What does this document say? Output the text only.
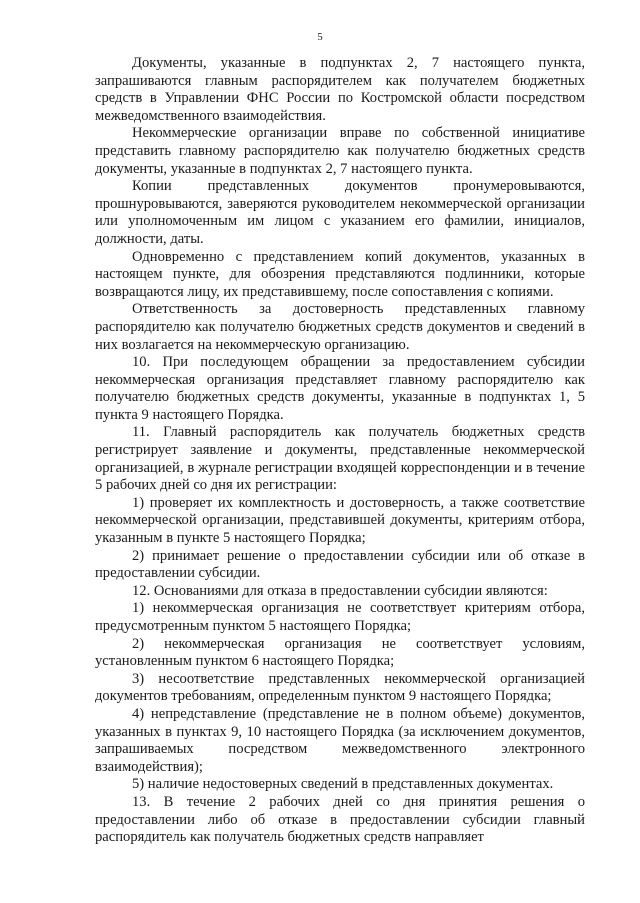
5

Документы, указанные в подпунктах 2, 7 настоящего пункта, запрашиваются главным распорядителем как получателем бюджетных средств в Управлении ФНС России по Костромской области посредством межведомственного взаимодействия.

Некоммерческие организации вправе по собственной инициативе представить главному распорядителю как получателю бюджетных средств документы, указанные в подпунктах 2, 7 настоящего пункта.

Копии представленных документов пронумеровываются, прошнуровываются, заверяются руководителем некоммерческой организации или уполномоченным им лицом с указанием его фамилии, инициалов, должности, даты.

Одновременно с представлением копий документов, указанных в настоящем пункте, для обозрения представляются подлинники, которые возвращаются лицу, их представившему, после сопоставления с копиями.

Ответственность за достоверность представленных главному распорядителю как получателю бюджетных средств документов и сведений в них возлагается на некоммерческую организацию.

10. При последующем обращении за предоставлением субсидии некоммерческая организация представляет главному распорядителю как получателю бюджетных средств документы, указанные в подпунктах 1, 5 пункта 9 настоящего Порядка.

11. Главный распорядитель как получатель бюджетных средств регистрирует заявление и документы, представленные некоммерческой организацией, в журнале регистрации входящей корреспонденции и в течение 5 рабочих дней со дня их регистрации:

1) проверяет их комплектность и достоверность, а также соответствие некоммерческой организации, представившей документы, критериям отбора, указанным в пункте 5 настоящего Порядка;

2) принимает решение о предоставлении субсидии или об отказе в предоставлении субсидии.

12. Основаниями для отказа в предоставлении субсидии являются:

1) некоммерческая организация не соответствует критериям отбора, предусмотренным пунктом 5 настоящего Порядка;

2) некоммерческая организация не соответствует условиям, установленным пунктом 6 настоящего Порядка;

3) несоответствие представленных некоммерческой организацией документов требованиям, определенным пунктом 9 настоящего Порядка;

4) непредставление (представление не в полном объеме) документов, указанных в пунктах 9, 10 настоящего Порядка (за исключением документов, запрашиваемых посредством межведомственного электронного взаимодействия);

5) наличие недостоверных сведений в представленных документах.

13. В течение 2 рабочих дней со дня принятия решения о предоставлении либо об отказе в предоставлении субсидии главный распорядитель как получатель бюджетных средств направляет
